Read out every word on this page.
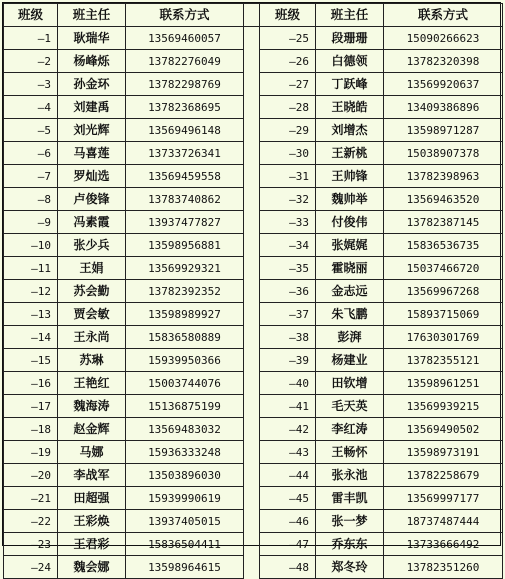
班级	班主任	联系方式		班级	班主任	联系方式
—1	耿瑞华	13569460057		—25	段珊珊	15090266623
—2	杨峰烁	13782276049		—26	白德领	13782320398
—3	孙金环	13782298769		—27	丁跃峰	13569920637
—4	刘建禹	13782368695		—28	王晓皓	13409386896
—5	刘光辉	13569496148		—29	刘增杰	13598971287
—6	马喜莲	13733726341		—30	王新桃	15038907378
—7	罗灿选	13569459558		—31	王帅锋	13782398963
—8	卢俊锋	13783740862		—32	魏帅举	13569463520
—9	冯素霞	13937477827		—33	付俊伟	13782387145
—10	张少兵	13598956881		—34	张娓娓	15836536735
—11	王娟	13569929321		—35	霍晓丽	15037466720
—12	苏会勤	13782392352		—36	金志远	13569967268
—13	贾会敏	13598989927		—37	朱飞鹏	15893715069
—14	王永尚	15836580889		—38	彭湃	17630301769
—15	苏琳	15939950366		—39	杨建业	13782355121
—16	王艳红	15003744076		—40	田钦增	13598961251
—17	魏海涛	15136875199		—41	毛天英	13569939215
—18	赵金辉	13569483032		—42	李红涛	13569490502
—19	马娜	15936333248		—43	王畅怀	13598973191
—20	李战军	13503896030		—44	张永池	13782258679
—21	田超强	15939990619		—45	雷丰凯	13569997177
—22	王彩焕	13937405015		—46	张一梦	18737487444
—23	王君彩	15836504411		—47	乔东东	13733666492
—24	魏会娜	13598964615		—48	郑冬玲	13782351260
